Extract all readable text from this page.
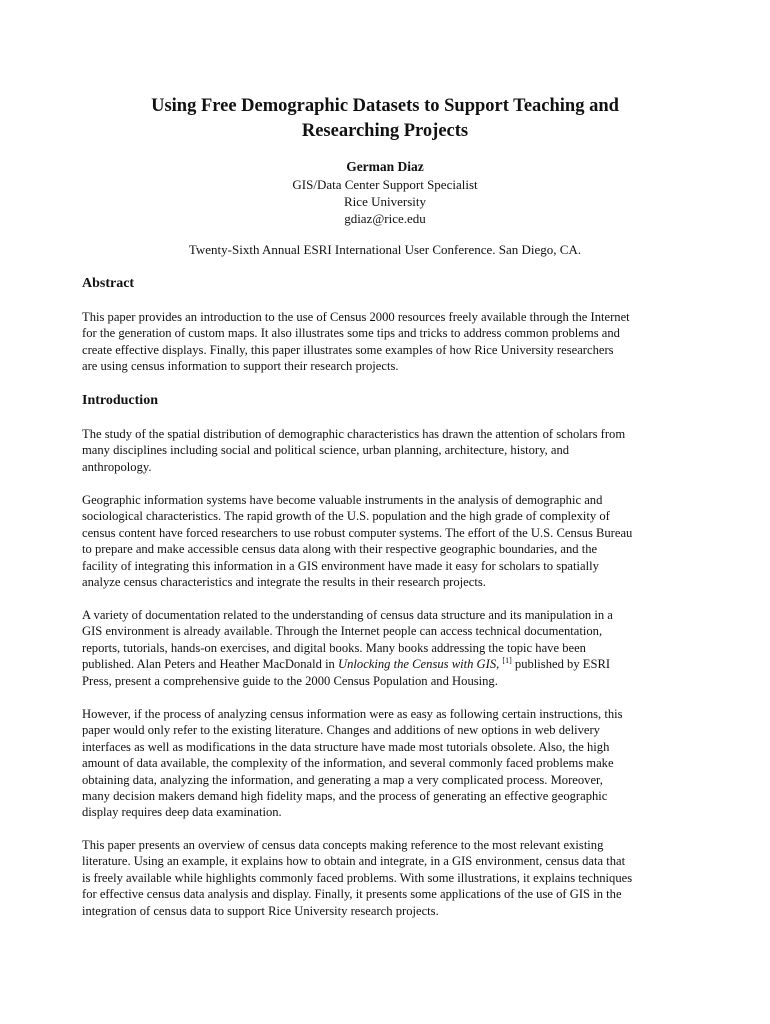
Using Free Demographic Datasets to Support Teaching and
Researching Projects
German Diaz
GIS/Data Center Support Specialist
Rice University
gdiaz@rice.edu
Twenty-Sixth Annual ESRI International User Conference. San Diego, CA.
Abstract
This paper provides an introduction to the use of Census 2000 resources freely available through the Internet
for the generation of custom maps. It also illustrates some tips and tricks to address common problems and
create effective displays. Finally, this paper illustrates some examples of how Rice University researchers
are using census information to support their research projects.
Introduction
The study of the spatial distribution of demographic characteristics has drawn the attention of scholars from
many disciplines including social and political science, urban planning, architecture, history, and
anthropology.
Geographic information systems have become valuable instruments in the analysis of demographic and
sociological characteristics. The rapid growth of the U.S. population and the high grade of complexity of
census content have forced researchers to use robust computer systems. The effort of the U.S. Census Bureau
to prepare and make accessible census data along with their respective geographic boundaries, and the
facility of integrating this information in a GIS environment have made it easy for scholars to spatially
analyze census characteristics and integrate the results in their research projects.
A variety of documentation related to the understanding of census data structure and its manipulation in a
GIS environment is already available. Through the Internet people can access technical documentation,
reports, tutorials, hands-on exercises, and digital books. Many books addressing the topic have been
published. Alan Peters and Heather MacDonald in Unlocking the Census with GIS, [1] published by ESRI
Press, present a comprehensive guide to the 2000 Census Population and Housing.
However, if the process of analyzing census information were as easy as following certain instructions, this
paper would only refer to the existing literature. Changes and additions of new options in web delivery
interfaces as well as modifications in the data structure have made most tutorials obsolete. Also, the high
amount of data available, the complexity of the information, and several commonly faced problems make
obtaining data, analyzing the information, and generating a map a very complicated process. Moreover,
many decision makers demand high fidelity maps, and the process of generating an effective geographic
display requires deep data examination.
This paper presents an overview of census data concepts making reference to the most relevant existing
literature. Using an example, it explains how to obtain and integrate, in a GIS environment, census data that
is freely available while highlights commonly faced problems. With some illustrations, it explains techniques
for effective census data analysis and display. Finally, it presents some applications of the use of GIS in the
integration of census data to support Rice University research projects.
